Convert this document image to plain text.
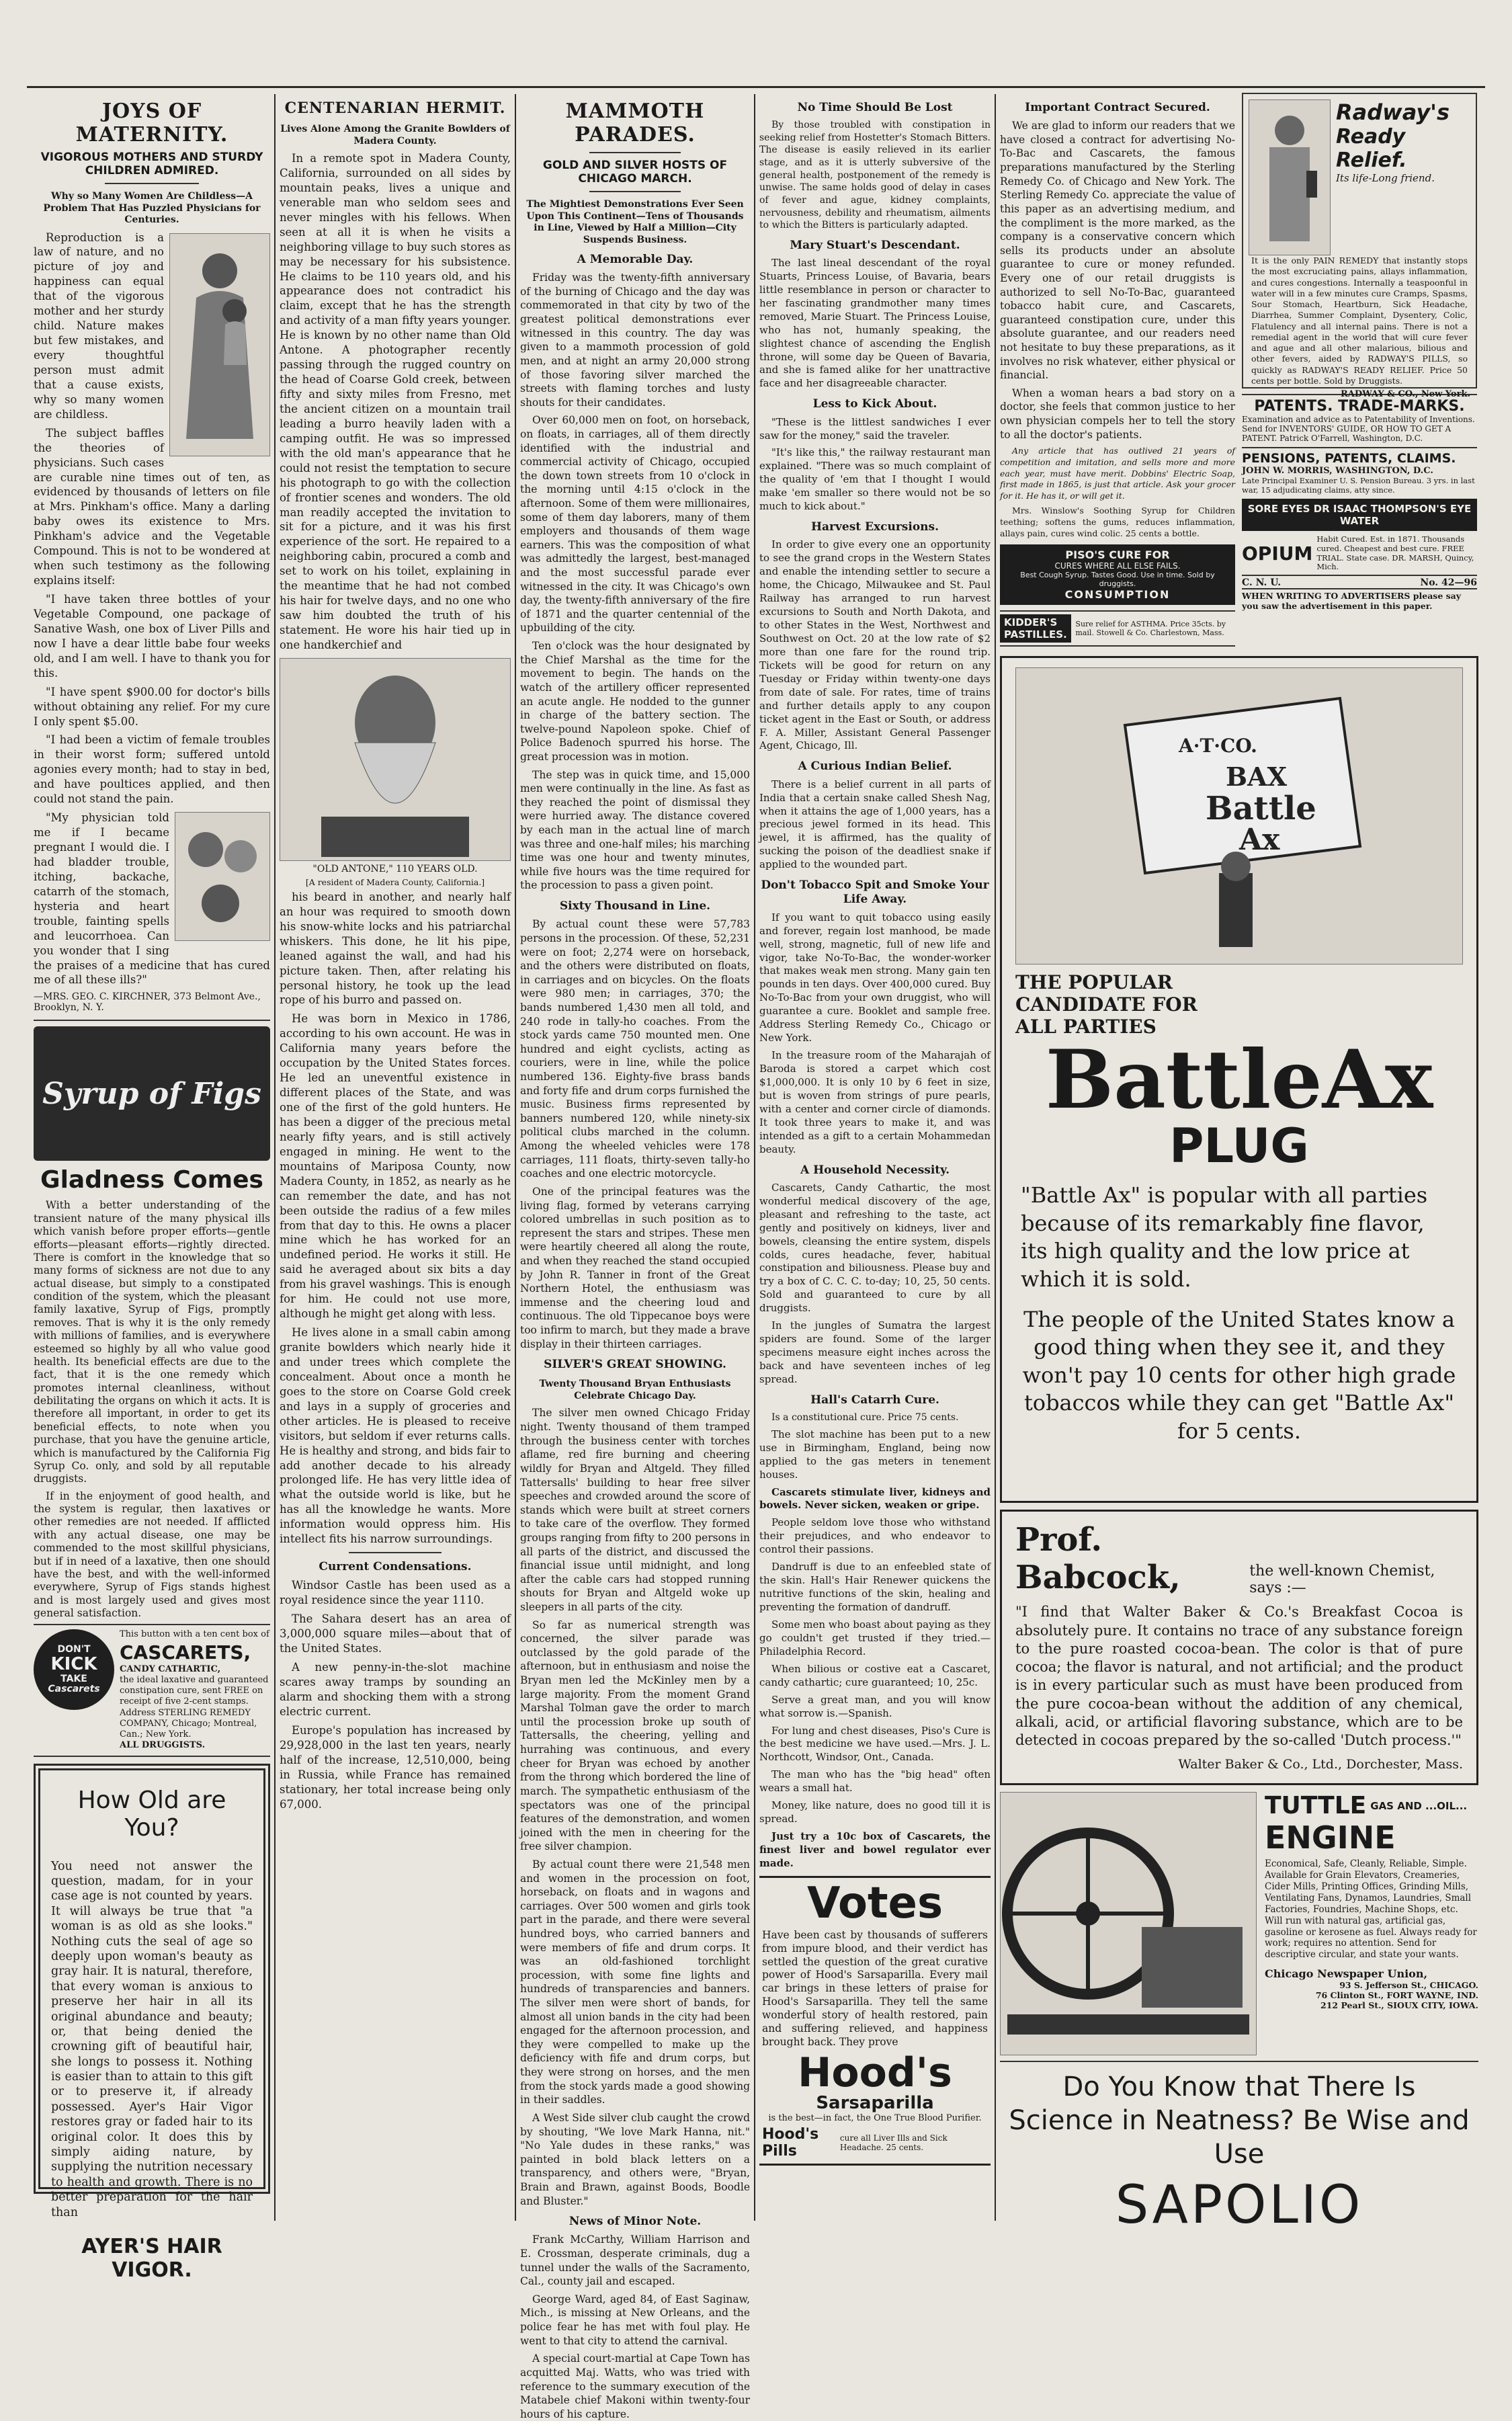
JOYS OF MATERNITY.
VIGOROUS MOTHERS AND STURDY CHILDREN ADMIRED.
Why so Many Women Are Childless—A Problem That Has Puzzled Physicians for Centuries.

Reproduction is a law of nature, and no picture of joy and happiness can equal that of the vigorous mother and her sturdy child. Nature makes but few mistakes, and every thoughtful person must admit that a cause exists, why so many women are childless.

The subject baffles the theories of physicians. Such cases are curable nine times out of ten, as evidenced by thousands of letters on file at Mrs. Pinkham's office. Many a darling baby owes its existence to Mrs. Pinkham's advice and the Vegetable Compound. This is not to be wondered at when such testimony as the following explains itself:

"I have taken three bottles of your Vegetable Compound, one package of Sanative Wash, one box of Liver Pills and now I have a dear little babe four weeks old, and I am well. I have to thank you for this.

"I have spent $900.00 for doctor's bills without obtaining any relief. For my cure I only spent $5.00.

"I had been a victim of female troubles in their worst form; suffered untold agonies every month; had to stay in bed, and have poultices applied, and then could not stand the pain.

"My physician told me if I became pregnant I would die. I had bladder trouble, itching, backache, catarrh of the stomach, hysteria and heart trouble, fainting spells and leucorrhoea. Can you wonder that I sing the praises of a medicine that has cured me of all these ills?"

—MRS. GEO. C. KIRCHNER, 373 Belmont Ave., Brooklyn, N. Y.

Syrup of Figs
Gladness Comes

With a better understanding of the transient nature of the many physical ills which vanish before proper efforts—gentle efforts—pleasant efforts—rightly directed. There is comfort in the knowledge that so many forms of sickness are not due to any actual disease, but simply to a constipated condition of the system, which the pleasant family laxative, Syrup of Figs, promptly removes. That is why it is the only remedy with millions of families, and is everywhere esteemed so highly by all who value good health. Its beneficial effects are due to the fact, that it is the one remedy which promotes internal cleanliness, without debilitating the organs on which it acts. It is therefore all important, in order to get its beneficial effects, to note when you purchase, that you have the genuine article, which is manufactured by the California Fig Syrup Co. only, and sold by all reputable druggists.

If in the enjoyment of good health, and the system is regular, then laxatives or other remedies are not needed. If afflicted with any actual disease, one may be commended to the most skillful physicians, but if in need of a laxative, then one should have the best, and with the well-informed everywhere, Syrup of Figs stands highest and is most largely used and gives most general satisfaction.

DON'T
KICK
TAKE
Cascarets
This button with a ten cent box of
CASCARETS,
CANDY CATHARTIC,
the ideal laxative and guaranteed constipation cure, sent FREE on receipt of five 2-cent stamps. Address STERLING REMEDY COMPANY, Chicago; Montreal, Can.; New York.
ALL DRUGGISTS.
How Old are You?

You need not answer the question, madam, for in your case age is not counted by years. It will always be true that "a woman is as old as she looks." Nothing cuts the seal of age so deeply upon woman's beauty as gray hair. It is natural, therefore, that every woman is anxious to preserve her hair in all its original abundance and beauty; or, that being denied the crowning gift of beautiful hair, she longs to possess it. Nothing is easier than to attain to this gift or to preserve it, if already possessed. Ayer's Hair Vigor restores gray or faded hair to its original color. It does this by simply aiding nature, by supplying the nutrition necessary to health and growth. There is no better preparation for the hair than

AYER'S HAIR VIGOR.
CENTENARIAN HERMIT.
Lives Alone Among the Granite Bowlders of Madera County.

In a remote spot in Madera County, California, surrounded on all sides by mountain peaks, lives a unique and venerable man who seldom sees and never mingles with his fellows. When seen at all it is when he visits a neighboring village to buy such stores as may be necessary for his subsistence. He claims to be 110 years old, and his appearance does not contradict his claim, except that he has the strength and activity of a man fifty years younger. He is known by no other name than Old Antone. A photographer recently passing through the rugged country on the head of Coarse Gold creek, between fifty and sixty miles from Fresno, met the ancient citizen on a mountain trail leading a burro heavily laden with a camping outfit. He was so impressed with the old man's appearance that he could not resist the temptation to secure his photograph to go with the collection of frontier scenes and wonders. The old man readily accepted the invitation to sit for a picture, and it was his first experience of the sort. He repaired to a neighboring cabin, procured a comb and set to work on his toilet, explaining in the meantime that he had not combed his hair for twelve days, and no one who saw him doubted the truth of his statement. He wore his hair tied up in one handkerchief and

"OLD ANTONE," 110 YEARS OLD.
[A resident of Madera County, California.]

his beard in another, and nearly half an hour was required to smooth down his snow-white locks and his patriarchal whiskers. This done, he lit his pipe, leaned against the wall, and had his picture taken. Then, after relating his personal history, he took up the lead rope of his burro and passed on.

He was born in Mexico in 1786, according to his own account. He was in California many years before the occupation by the United States forces. He led an uneventful existence in different places of the State, and was one of the first of the gold hunters. He has been a digger of the precious metal nearly fifty years, and is still actively engaged in mining. He went to the mountains of Mariposa County, now Madera County, in 1852, as nearly as he can remember the date, and has not been outside the radius of a few miles from that day to this. He owns a placer mine which he has worked for an undefined period. He works it still. He said he averaged about six bits a day from his gravel washings. This is enough for him. He could not use more, although he might get along with less.

He lives alone in a small cabin among granite bowlders which nearly hide it and under trees which complete the concealment. About once a month he goes to the store on Coarse Gold creek and lays in a supply of groceries and other articles. He is pleased to receive visitors, but seldom if ever returns calls. He is healthy and strong, and bids fair to add another decade to his already prolonged life. He has very little idea of what the outside world is like, but he has all the knowledge he wants. More information would oppress him. His intellect fits his narrow surroundings.

Current Condensations.

Windsor Castle has been used as a royal residence since the year 1110.

The Sahara desert has an area of 3,000,000 square miles—about that of the United States.

A new penny-in-the-slot machine scares away tramps by sounding an alarm and shocking them with a strong electric current.

Europe's population has increased by 29,928,000 in the last ten years, nearly half of the increase, 12,510,000, being in Russia, while France has remained stationary, her total increase being only 67,000.

MAMMOTH PARADES.
GOLD AND SILVER HOSTS OF CHICAGO MARCH.
The Mightiest Demonstrations Ever Seen Upon This Continent—Tens of Thousands in Line, Viewed by Half a Million—City Suspends Business.
A Memorable Day.

Friday was the twenty-fifth anniversary of the burning of Chicago and the day was commemorated in that city by two of the greatest political demonstrations ever witnessed in this country. The day was given to a mammoth procession of gold men, and at night an army 20,000 strong of those favoring silver marched the streets with flaming torches and lusty shouts for their candidates.

Over 60,000 men on foot, on horseback, on floats, in carriages, all of them directly identified with the industrial and commercial activity of Chicago, occupied the down town streets from 10 o'clock in the morning until 4:15 o'clock in the afternoon. Some of them were millionaires, some of them day laborers, many of them employers and thousands of them wage earners. This was the composition of what was admittedly the largest, best-managed and the most successful parade ever witnessed in the city. It was Chicago's own day, the twenty-fifth anniversary of the fire of 1871 and the quarter centennial of the upbuilding of the city.

Ten o'clock was the hour designated by the Chief Marshal as the time for the movement to begin. The hands on the watch of the artillery officer represented an acute angle. He nodded to the gunner in charge of the battery section. The twelve-pound Napoleon spoke. Chief of Police Badenoch spurred his horse. The great procession was in motion.

The step was in quick time, and 15,000 men were continually in the line. As fast as they reached the point of dismissal they were hurried away. The distance covered by each man in the actual line of march was three and one-half miles; his marching time was one hour and twenty minutes, while five hours was the time required for the procession to pass a given point.

Sixty Thousand in Line.

By actual count these were 57,783 persons in the procession. Of these, 52,231 were on foot; 2,274 were on horseback, and the others were distributed on floats, in carriages and on bicycles. On the floats were 980 men; in carriages, 370; the bands numbered 1,430 men all told, and 240 rode in tally-ho coaches. From the stock yards came 750 mounted men. One hundred and eight cyclists, acting as couriers, were in line, while the police numbered 136. Eighty-five brass bands and forty fife and drum corps furnished the music. Business firms represented by banners numbered 120, while ninety-six political clubs marched in the column. Among the wheeled vehicles were 178 carriages, 111 floats, thirty-seven tally-ho coaches and one electric motorcycle.

One of the principal features was the living flag, formed by veterans carrying colored umbrellas in such position as to represent the stars and stripes. These men were heartily cheered all along the route, and when they reached the stand occupied by John R. Tanner in front of the Great Northern Hotel, the enthusiasm was immense and the cheering loud and continuous. The old Tippecanoe boys were too infirm to march, but they made a brave display in their thirteen carriages.

SILVER'S GREAT SHOWING.
Twenty Thousand Bryan Enthusiasts Celebrate Chicago Day.

The silver men owned Chicago Friday night. Twenty thousand of them tramped through the business center with torches aflame, red fire burning and cheering wildly for Bryan and Altgeld. They filled Tattersalls' building to hear free silver speeches and crowded around the score of stands which were built at street corners to take care of the overflow. They formed groups ranging from fifty to 200 persons in all parts of the district, and discussed the financial issue until midnight, and long after the cable cars had stopped running shouts for Bryan and Altgeld woke up sleepers in all parts of the city.

So far as numerical strength was concerned, the silver parade was outclassed by the gold parade of the afternoon, but in enthusiasm and noise the Bryan men led the McKinley men by a large majority. From the moment Grand Marshal Tolman gave the order to march until the procession broke up south of Tattersalls, the cheering, yelling and hurrahing was continuous, and every cheer for Bryan was echoed by another from the throng which bordered the line of march. The sympathetic enthusiasm of the spectators was one of the principal features of the demonstration, and women joined with the men in cheering for the free silver champion.

By actual count there were 21,548 men and women in the procession on foot, horseback, on floats and in wagons and carriages. Over 500 women and girls took part in the parade, and there were several hundred boys, who carried banners and were members of fife and drum corps. It was an old-fashioned torchlight procession, with some fine lights and hundreds of transparencies and banners. The silver men were short of bands, for almost all union bands in the city had been engaged for the afternoon procession, and they were compelled to make up the deficiency with fife and drum corps, but they were strong on horses, and the men from the stock yards made a good showing in their saddles.

A West Side silver club caught the crowd by shouting, "We love Mark Hanna, nit." "No Yale dudes in these ranks," was painted in bold black letters on a transparency, and others were, "Bryan, Brain and Brawn, against Boods, Boodle and Bluster."

News of Minor Note.

Frank McCarthy, William Harrison and E. Crossman, desperate criminals, dug a tunnel under the walls of the Sacramento, Cal., county jail and escaped.

George Ward, aged 84, of East Saginaw, Mich., is missing at New Orleans, and the police fear he has met with foul play. He went to that city to attend the carnival.

A special court-martial at Cape Town has acquitted Maj. Watts, who was tried with reference to the summary execution of the Matabele chief Makoni within twenty-four hours of his capture.

No Time Should Be Lost

By those troubled with constipation in seeking relief from Hostetter's Stomach Bitters. The disease is easily relieved in its earlier stage, and as it is utterly subversive of the general health, postponement of the remedy is unwise. The same holds good of delay in cases of fever and ague, kidney complaints, nervousness, debility and rheumatism, ailments to which the Bitters is particularly adapted.

Mary Stuart's Descendant.

The last lineal descendant of the royal Stuarts, Princess Louise, of Bavaria, bears little resemblance in person or character to her fascinating grandmother many times removed, Marie Stuart. The Princess Louise, who has not, humanly speaking, the slightest chance of ascending the English throne, will some day be Queen of Bavaria, and she is famed alike for her unattractive face and her disagreeable character.

Less to Kick About.

"These is the littlest sandwiches I ever saw for the money," said the traveler.

"It's like this," the railway restaurant man explained. "There was so much complaint of the quality of 'em that I thought I would make 'em smaller so there would not be so much to kick about."

Harvest Excursions.

In order to give every one an opportunity to see the grand crops in the Western States and enable the intending settler to secure a home, the Chicago, Milwaukee and St. Paul Railway has arranged to run harvest excursions to South and North Dakota, and to other States in the West, Northwest and Southwest on Oct. 20 at the low rate of $2 more than one fare for the round trip. Tickets will be good for return on any Tuesday or Friday within twenty-one days from date of sale. For rates, time of trains and further details apply to any coupon ticket agent in the East or South, or address F. A. Miller, Assistant General Passenger Agent, Chicago, Ill.

A Curious Indian Belief.

There is a belief current in all parts of India that a certain snake called Shesh Nag, when it attains the age of 1,000 years, has a precious jewel formed in its head. This jewel, it is affirmed, has the quality of sucking the poison of the deadliest snake if applied to the wounded part.

Don't Tobacco Spit and Smoke Your Life Away.

If you want to quit tobacco using easily and forever, regain lost manhood, be made well, strong, magnetic, full of new life and vigor, take No-To-Bac, the wonder-worker that makes weak men strong. Many gain ten pounds in ten days. Over 400,000 cured. Buy No-To-Bac from your own druggist, who will guarantee a cure. Booklet and sample free. Address Sterling Remedy Co., Chicago or New York.

In the treasure room of the Maharajah of Baroda is stored a carpet which cost $1,000,000. It is only 10 by 6 feet in size, but is woven from strings of pure pearls, with a center and corner circle of diamonds. It took three years to make it, and was intended as a gift to a certain Mohammedan beauty.

A Household Necessity.

Cascarets, Candy Cathartic, the most wonderful medical discovery of the age, pleasant and refreshing to the taste, act gently and positively on kidneys, liver and bowels, cleansing the entire system, dispels colds, cures headache, fever, habitual constipation and biliousness. Please buy and try a box of C. C. C. to-day; 10, 25, 50 cents. Sold and guaranteed to cure by all druggists.

In the jungles of Sumatra the largest spiders are found. Some of the larger specimens measure eight inches across the back and have seventeen inches of leg spread.

Hall's Catarrh Cure.

Is a constitutional cure. Price 75 cents.

The slot machine has been put to a new use in Birmingham, England, being now applied to the gas meters in tenement houses.

Cascarets stimulate liver, kidneys and bowels. Never sicken, weaken or gripe.

People seldom love those who withstand their prejudices, and who endeavor to control their passions.

Dandruff is due to an enfeebled state of the skin. Hall's Hair Renewer quickens the nutritive functions of the skin, healing and preventing the formation of dandruff.

Some men who boast about paying as they go couldn't get trusted if they tried.—Philadelphia Record.

When bilious or costive eat a Cascaret, candy cathartic; cure guaranteed; 10, 25c.

Serve a great man, and you will know what sorrow is.—Spanish.

For lung and chest diseases, Piso's Cure is the best medicine we have used.—Mrs. J. L. Northcott, Windsor, Ont., Canada.

The man who has the "big head" often wears a small hat.

Money, like nature, does no good till it is spread.

Just try a 10c box of Cascarets, the finest liver and bowel regulator ever made.

Votes

Have been cast by thousands of sufferers from impure blood, and their verdict has settled the question of the great curative power of Hood's Sarsaparilla. Every mail car brings in these letters of praise for Hood's Sarsaparilla. They tell the same wonderful story of health restored, pain and suffering relieved, and happiness brought back. They prove

Hood's
Sarsaparilla
is the best—in fact, the One True Blood Purifier.
Hood's Pills
cure all Liver Ills and Sick Headache. 25 cents.
Important Contract Secured.

We are glad to inform our readers that we have closed a contract for advertising No-To-Bac and Cascarets, the famous preparations manufactured by the Sterling Remedy Co. of Chicago and New York. The Sterling Remedy Co. appreciate the value of this paper as an advertising medium, and the compliment is the more marked, as the company is a conservative concern which sells its products under an absolute guarantee to cure or money refunded. Every one of our retail druggists is authorized to sell No-To-Bac, guaranteed tobacco habit cure, and Cascarets, guaranteed constipation cure, under this absolute guarantee, and our readers need not hesitate to buy these preparations, as it involves no risk whatever, either physical or financial.

When a woman hears a bad story on a doctor, she feels that common justice to her own physician compels her to tell the story to all the doctor's patients.

Any article that has outlived 21 years of competition and imitation, and sells more and more each year, must have merit. Dobbins' Electric Soap, first made in 1865, is just that article. Ask your grocer for it. He has it, or will get it.

Mrs. Winslow's Soothing Syrup for Children teething; softens the gums, reduces inflammation, allays pain, cures wind colic. 25 cents a bottle.

PISO'S CURE FOR
CURES WHERE ALL ELSE FAILS.
Best Cough Syrup. Tastes Good. Use in time. Sold by druggists.
CONSUMPTION
KIDDER'S PASTILLES.
Sure relief for ASTHMA. Price 35cts. by mail. Stowell & Co. Charlestown, Mass.
Radway's
Ready
Relief.
Its life-Long friend.

It is the only PAIN REMEDY that instantly stops the most excruciating pains, allays inflammation, and cures congestions. Internally a teaspoonful in water will in a few minutes cure Cramps, Spasms, Sour Stomach, Heartburn, Sick Headache, Diarrhea, Summer Complaint, Dysentery, Colic, Flatulency and all internal pains. There is not a remedial agent in the world that will cure fever and ague and all other malarious, bilious and other fevers, aided by RADWAY'S PILLS, so quickly as RADWAY'S READY RELIEF. Price 50 cents per bottle. Sold by Druggists.

RADWAY & CO., New York.
PATENTS. TRADE-MARKS.
Examination and advice as to Patentability of Inventions. Send for INVENTORS' GUIDE, OR HOW TO GET A PATENT. Patrick O'Farrell, Washington, D.C.
PENSIONS, PATENTS, CLAIMS.
JOHN W. MORRIS, WASHINGTON, D.C.
Late Principal Examiner U. S. Pension Bureau. 3 yrs. in last war, 15 adjudicating claims, atty since.
SORE EYES DR ISAAC THOMPSON'S EYE WATER
OPIUM
Habit Cured. Est. in 1871. Thousands cured. Cheapest and best cure. FREE TRIAL. State case. DR. MARSH, Quincy, Mich.
C. N. U.	No. 42—96
WHEN WRITING TO ADVERTISERS please say you saw the advertisement in this paper.
A·T·CO.
BAX
Battle
Ax
THE POPULAR
CANDIDATE FOR
ALL PARTIES
BattleAx
PLUG

"Battle Ax" is popular with all parties because of its remarkably fine flavor, its high quality and the low price at which it is sold.

The people of the United States know a good thing when they see it, and they won't pay 10 cents for other high grade tobaccos while they can get "Battle Ax" for 5 cents.

Prof. Babcock,	the well-known Chemist, says :—

"I find that Walter Baker & Co.'s Breakfast Cocoa is absolutely pure. It contains no trace of any substance foreign to the pure roasted cocoa-bean. The color is that of pure cocoa; the flavor is natural, and not artificial; and the product is in every particular such as must have been produced from the pure cocoa-bean without the addition of any chemical, alkali, acid, or artificial flavoring substance, which are to be detected in cocoas prepared by the so-called 'Dutch process.'"

Walter Baker & Co., Ltd., Dorchester, Mass.
TUTTLE GAS AND ...OIL...
ENGINE

Economical, Safe, Cleanly, Reliable, Simple. Available for Grain Elevators, Creameries, Cider Mills, Printing Offices, Grinding Mills, Ventilating Fans, Dynamos, Laundries, Small Factories, Foundries, Machine Shops, etc. Will run with natural gas, artificial gas, gasoline or kerosene as fuel. Always ready for work; requires no attention. Send for descriptive circular, and state your wants.

Chicago Newspaper Union,
93 S. Jefferson St., CHICAGO.
76 Clinton St., FORT WAYNE, IND.
212 Pearl St., SIOUX CITY, IOWA.
Do You Know that There Is Science in Neatness? Be Wise and Use
SAPOLIO
